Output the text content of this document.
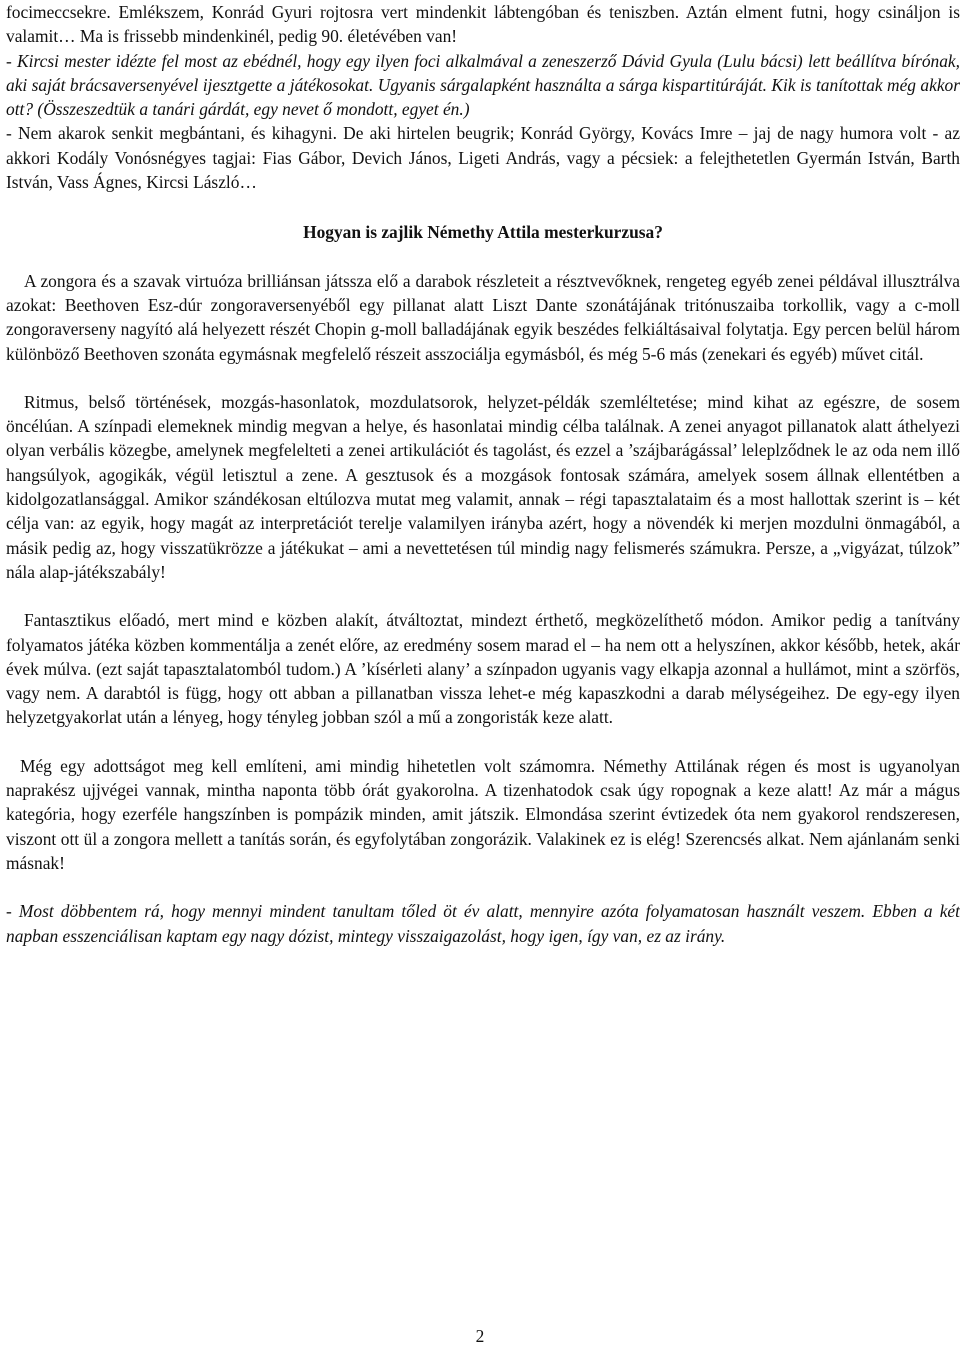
focimeccsekre. Emlékszem, Konrád Gyuri rojtosra vert mindenkit lábtengóban és teniszben. Aztán elment futni, hogy csináljon is valamit… Ma is frissebb mindenkinél, pedig 90. életévében van!

- Kircsi mester idézte fel most az ebédnél, hogy egy ilyen foci alkalmával a zeneszerző Dávid Gyula (Lulu bácsi) lett beállítva bírónak, aki saját brácsaversenyével ijesztgette a játékosokat. Ugyanis sárgalapként használta a sárga kispartitúráját. Kik is tanítottak még akkor ott? (Összeszedtük a tanári gárdát, egy nevet ő mondott, egyet én.)

- Nem akarok senkit megbántani, és kihagyni. De aki hirtelen beugrik; Konrád György, Kovács Imre – jaj de nagy humora volt - az akkori Kodály Vonósnégyes tagjai: Fias Gábor, Devich János, Ligeti András, vagy a pécsiek: a felejthetetlen Gyermán István, Barth István, Vass Ágnes, Kircsi László…

Hogyan is zajlik Némethy Attila mesterkurzusa?

A zongora és a szavak virtuóza brilliánsan játssza elő a darabok részleteit a résztvevőknek, rengeteg egyéb zenei példával illusztrálva azokat: Beethoven Esz-dúr zongoraversenyéből egy pillanat alatt Liszt Dante szonátájának tritónuszaiba torkollik, vagy a c-moll zongoraverseny nagyító alá helyezett részét Chopin g-moll balladájának egyik beszédes felkiáltásaival folytatja. Egy percen belül három különböző Beethoven szonáta egymásnak megfelelő részeit asszociálja egymásból, és még 5-6 más (zenekari és egyéb) művet citál.

Ritmus, belső történések, mozgás-hasonlatok, mozdulatsorok, helyzet-példák szemléltetése; mind kihat az egészre, de sosem öncélúan. A színpadi elemeknek mindig megvan a helye, és hasonlatai mindig célba találnak. A zenei anyagot pillanatok alatt áthelyezi olyan verbális közegbe, amelynek megfelelteti a zenei artikulációt és tagolást, és ezzel a ’szájbarágással’ leleplződnek le az oda nem illő hangsúlyok, agogikák, végül letisztul a zene. A gesztusok és a mozgások fontosak számára, amelyek sosem állnak ellentétben a kidolgozatlansággal. Amikor szándékosan eltúlozva mutat meg valamit, annak – régi tapasztalataim és a most hallottak szerint is – két célja van: az egyik, hogy magát az interpretációt terelje valamilyen irányba azért, hogy a növendék ki merjen mozdulni önmagából, a másik pedig az, hogy visszatükrözze a játékukat – ami a nevettetésen túl mindig nagy felismerés számukra. Persze, a „vigyázat, túlzok” nála alap-játékszabály!

Fantasztikus előadó, mert mind e közben alakít, átváltoztat, mindezt érthető, megközelíthető módon. Amikor pedig a tanítvány folyamatos játéka közben kommentálja a zenét előre, az eredmény sosem marad el – ha nem ott a helyszínen, akkor később, hetek, akár évek múlva. (ezt saját tapasztalatomból tudom.) A ’kísérleti alany’ a színpadon ugyanis vagy elkapja azonnal a hullámot, mint a szörfös, vagy nem. A darabtól is függ, hogy ott abban a pillanatban vissza lehet-e még kapaszkodni a darab mélységeihez. De egy-egy ilyen helyzetgyakorlat után a lényeg, hogy tényleg jobban szól a mű a zongoristák keze alatt.

Még egy adottságot meg kell említeni, ami mindig hihetetlen volt számomra. Némethy Attilának régen és most is ugyanolyan naprakész ujjvégei vannak, mintha naponta több órát gyakorolna. A tizenhatodok csak úgy ropognak a keze alatt! Az már a mágus kategória, hogy ezerféle hangszínben is pompázik minden, amit játszik. Elmondása szerint évtizedek óta nem gyakorol rendszeresen, viszont ott ül a zongora mellett a tanítás során, és egyfolytában zongorázik. Valakinek ez is elég! Szerencsés alkat. Nem ajánlanám senki másnak!

- Most döbbentem rá, hogy mennyi mindent tanultam tőled öt év alatt, mennyire azóta folyamatosan használt veszem. Ebben a két napban esszenciálisan kaptam egy nagy dózist, mintegy visszaigazolást, hogy igen, így van, ez az irány.

2
